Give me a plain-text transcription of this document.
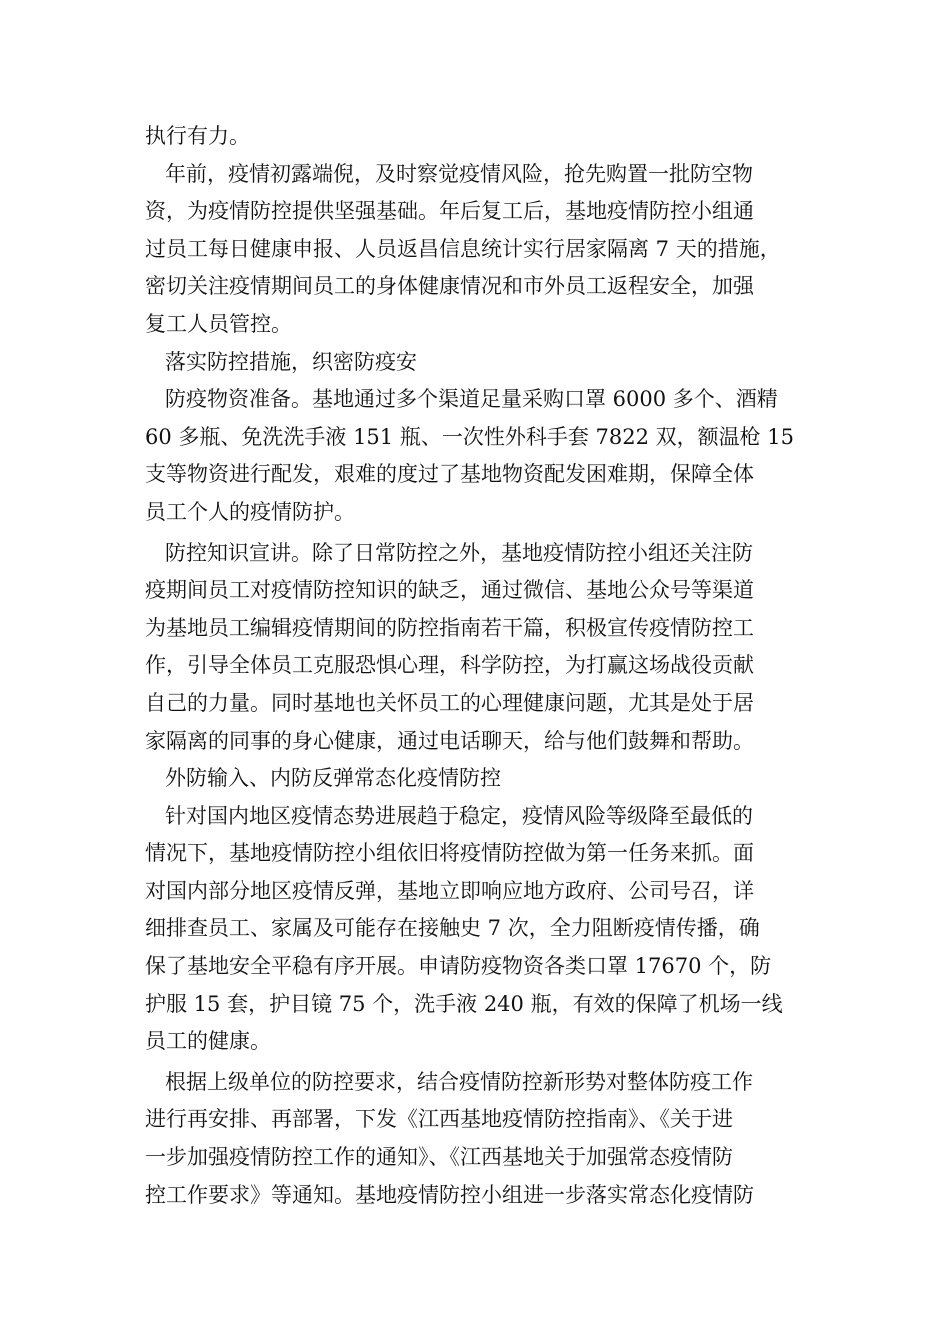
执行有力。
年前，疫情初露端倪，及时察觉疫情风险，抢先购置一批防空物
资，为疫情防控提供坚强基础。年后复工后，基地疫情防控小组通
过员工每日健康申报、人员返昌信息统计实行居家隔离 7 天的措施，
密切关注疫情期间员工的身体健康情况和市外员工返程安全，加强
复工人员管控。
落实防控措施，织密防疫安
防疫物资准备。基地通过多个渠道足量采购口罩 6000 多个、酒精
60 多瓶、免洗洗手液 151 瓶、一次性外科手套 7822 双，额温枪 15
支等物资进行配发，艰难的度过了基地物资配发困难期，保障全体
员工个人的疫情防护。
防控知识宣讲。除了日常防控之外，基地疫情防控小组还关注防
疫期间员工对疫情防控知识的缺乏，通过微信、基地公众号等渠道
为基地员工编辑疫情期间的防控指南若干篇，积极宣传疫情防控工
作，引导全体员工克服恐惧心理，科学防控，为打赢这场战役贡献
自己的力量。同时基地也关怀员工的心理健康问题，尤其是处于居
家隔离的同事的身心健康，通过电话聊天，给与他们鼓舞和帮助。
外防输入、内防反弹常态化疫情防控
针对国内地区疫情态势进展趋于稳定，疫情风险等级降至最低的
情况下，基地疫情防控小组依旧将疫情防控做为第一任务来抓。面
对国内部分地区疫情反弹，基地立即响应地方政府、公司号召，详
细排查员工、家属及可能存在接触史 7 次，全力阻断疫情传播，确
保了基地安全平稳有序开展。申请防疫物资各类口罩 17670 个，防
护服 15 套，护目镜 75 个，洗手液 240 瓶，有效的保障了机场一线
员工的健康。
根据上级单位的防控要求，结合疫情防控新形势对整体防疫工作
进行再安排、再部署，下发《江西基地疫情防控指南》、《关于进
一步加强疫情防控工作的通知》、《江西基地关于加强常态疫情防
控工作要求》等通知。基地疫情防控小组进一步落实常态化疫情防
